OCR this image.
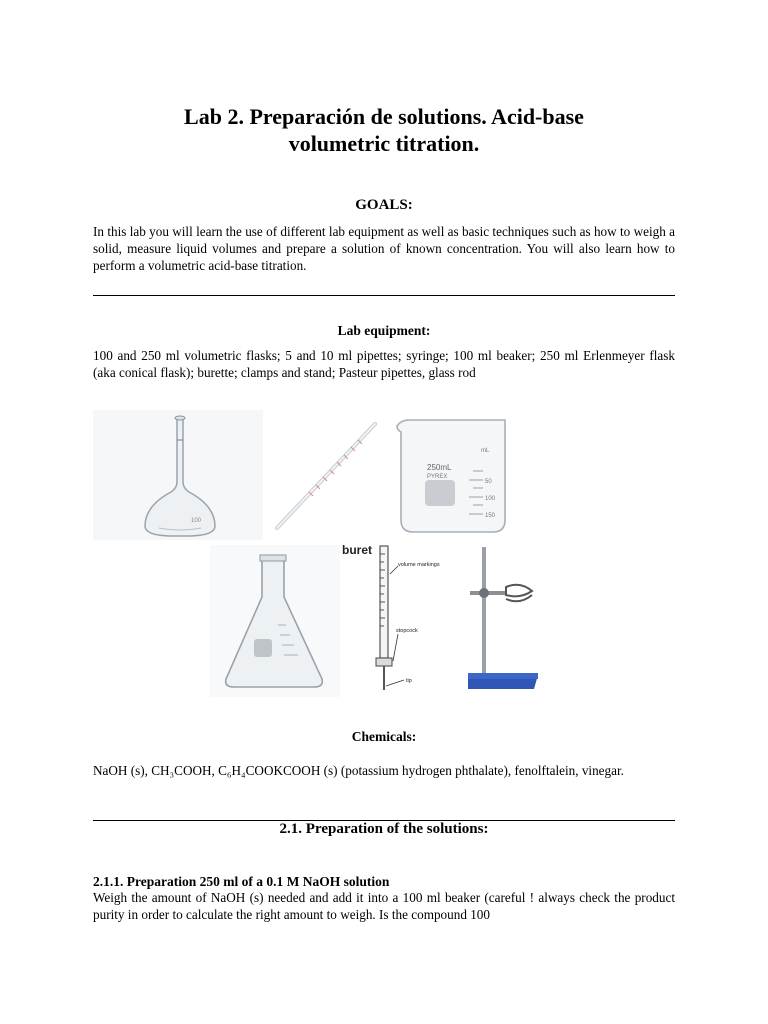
Lab 2. Preparación de solutions. Acid-base
volumetric titration.
GOALS:
In this lab you will learn the use of different lab equipment as well as basic techniques such as how to weigh a solid, measure liquid volumes and prepare a solution of known concentration. You will also learn how to perform a volumetric acid-base titration.
Lab equipment:
100 and 250 ml volumetric flasks; 5 and 10 ml pipettes; syringe; 100 ml beaker; 250 ml Erlenmeyer flask (aka conical flask); burette; clamps and stand; Pasteur pipettes, glass rod
100
250mL
PYREX
mL
50
100
150
buret
volume markings
stopcock
tip
Chemicals:
NaOH (s), CH₃COOH, C₆H₄COOKCOOH (s) (potassium hydrogen phthalate), fenolftalein, vinegar.
2.1. Preparation of the solutions:
2.1.1. Preparation 250 ml of a 0.1 M NaOH solution
Weigh the amount of NaOH (s) needed and add it into a 100 ml beaker (careful ! always check the product purity in order to calculate the right amount to weigh. Is the compound 100
